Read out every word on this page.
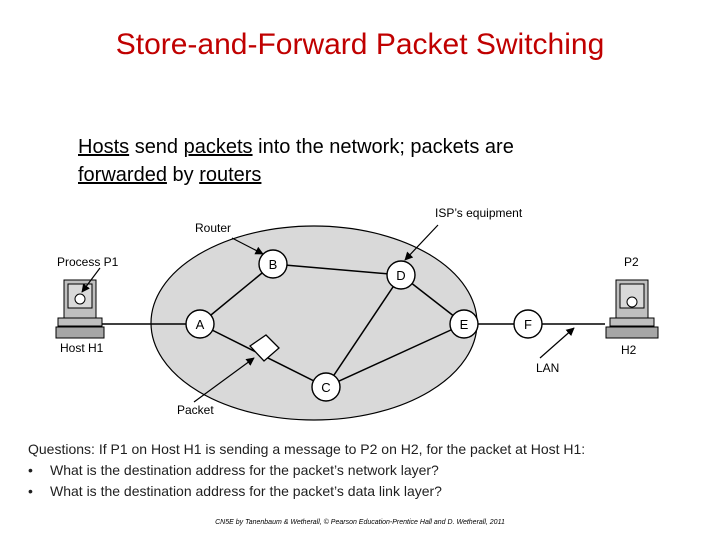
Store-and-Forward Packet Switching
Hosts send packets into the network; packets are
forwarded by routers
A
B
C
D
E	F
ISP’s equipment
Router
Process P1
Host H1
P2
H2
LAN
Packet
Questions: If P1 on Host H1 is sending a message to P2 on H2, for the packet at Host H1:
• What is the destination address for the packet’s network layer?
• What is the destination address for the packet’s data link layer?
CN5E by Tanenbaum & Wetherall, © Pearson Education-Prentice Hall and D. Wetherall, 2011
